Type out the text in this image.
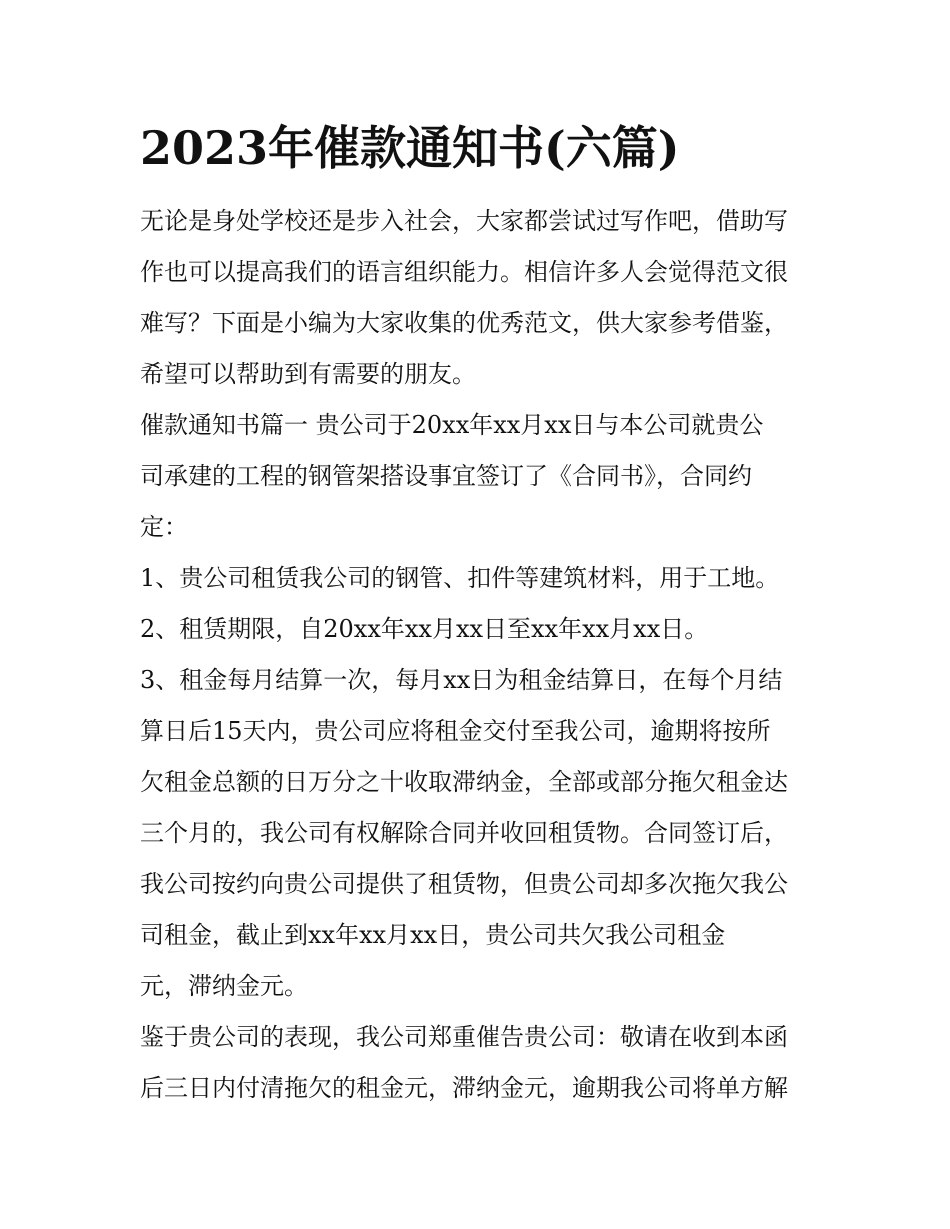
2023年催款通知书(六篇)
无论是身处学校还是步入社会，大家都尝试过写作吧，借助写
作也可以提高我们的语言组织能力。相信许多人会觉得范文很
难写？下面是小编为大家收集的优秀范文，供大家参考借鉴，
希望可以帮助到有需要的朋友。
催款通知书篇一 贵公司于20xx年xx月xx日与本公司就贵公
司承建的工程的钢管架搭设事宜签订了《合同书》，合同约
定：
1、贵公司租赁我公司的钢管、扣件等建筑材料，用于工地。
2、租赁期限，自20xx年xx月xx日至xx年xx月xx日。
3、租金每月结算一次，每月xx日为租金结算日，在每个月结
算日后15天内，贵公司应将租金交付至我公司，逾期将按所
欠租金总额的日万分之十收取滞纳金，全部或部分拖欠租金达
三个月的，我公司有权解除合同并收回租赁物。合同签订后，
我公司按约向贵公司提供了租赁物，但贵公司却多次拖欠我公
司租金，截止到xx年xx月xx日，贵公司共欠我公司租金
元，滞纳金元。
鉴于贵公司的表现，我公司郑重催告贵公司：敬请在收到本函
后三日内付清拖欠的租金元，滞纳金元，逾期我公司将单方解
